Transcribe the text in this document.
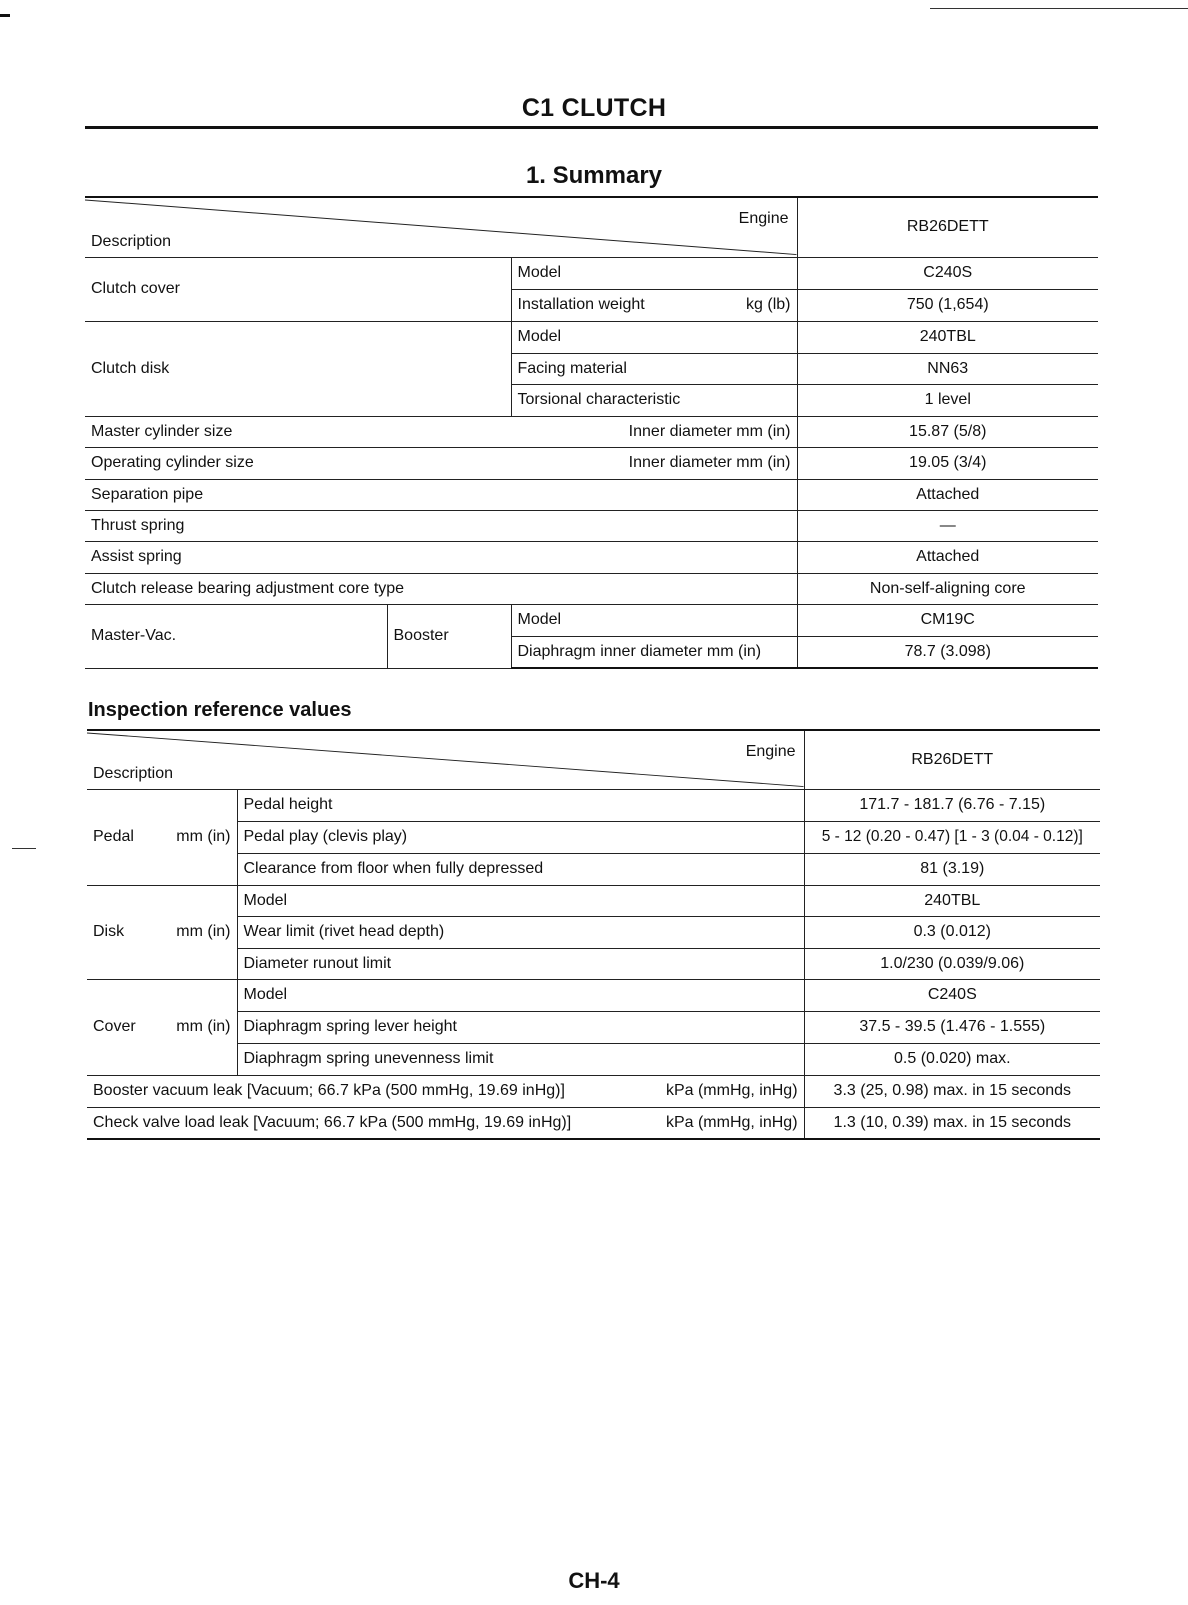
C1 CLUTCH
1. Summary
Engine
Description			RB26DETT
Clutch cover		Model	C240S

		Installation weight kg (lb)	750 (1,654)
Clutch disk		Model	240TBL
		Facing material	NN63
		Torsional characteristic	1 level

Master cylinder size Inner diameter mm (in)			15.87 (5/8)

Operating cylinder size Inner diameter mm (in)			19.05 (3/4)
Separation pipe			Attached
Thrust spring			—
Assist spring			Attached
Clutch release bearing adjustment core type			Non-self-aligning core
Master-Vac.	Booster	Model	CM19C
		Diaphragm inner diameter mm (in)	78.7 (3.098)
Inspection reference values
Engine
Description			RB26DETT

Pedal mm (in)	Pedal height		171.7 - 181.7 (6.76 - 7.15)
	Pedal play (clevis play)		5 - 12 (0.20 - 0.47) [1 - 3 (0.04 - 0.12)]
	Clearance from floor when fully depressed		81 (3.19)

Disk mm (in)	Model		240TBL
	Wear limit (rivet head depth)		0.3 (0.012)
	Diameter runout limit		1.0/230 (0.039/9.06)

Cover mm (in)	Model		C240S
	Diaphragm spring lever height		37.5 - 39.5 (1.476 - 1.555)
	Diaphragm spring unevenness limit		0.5 (0.020) max.
Booster vacuum leak [Vacuum; 66.7 kPa (500 mmHg, 19.69 inHg)]		kPa (mmHg, inHg)	3.3 (25, 0.98) max. in 15 seconds
Check valve load leak [Vacuum; 66.7 kPa (500 mmHg, 19.69 inHg)]		kPa (mmHg, inHg)	1.3 (10, 0.39) max. in 15 seconds
CH-4
